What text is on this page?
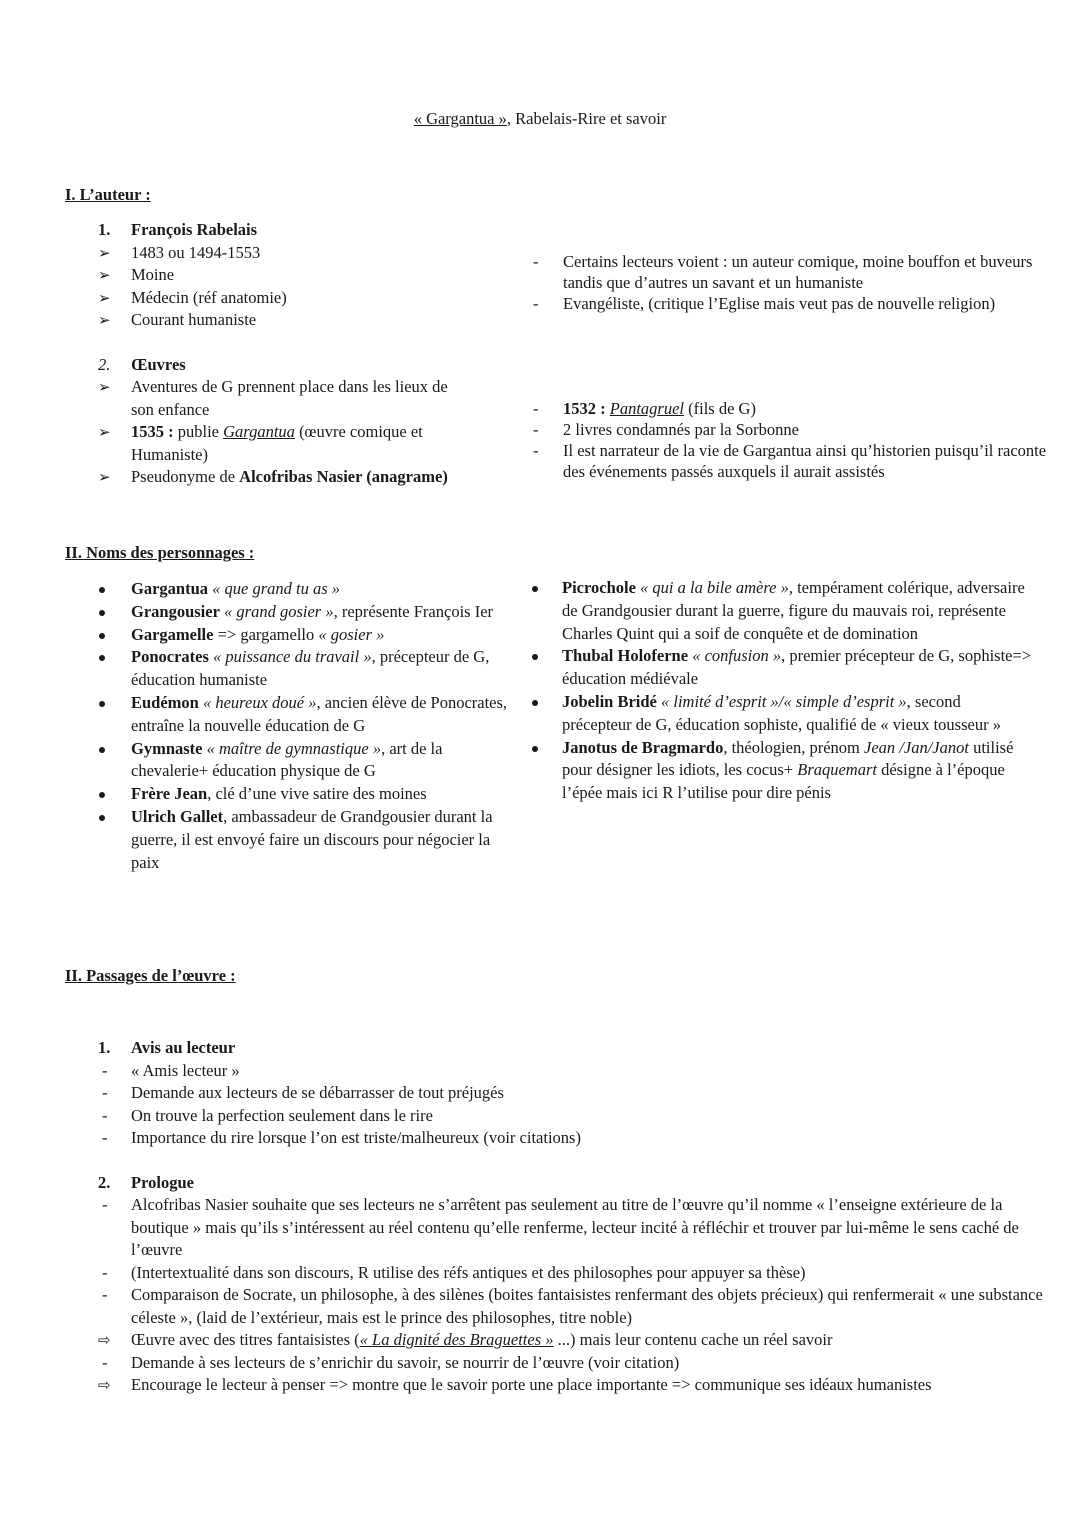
« Gargantua », Rabelais-Rire et savoir
I. L’auteur :
1. François Rabelais
➢ 1483 ou 1494-1553
➢ Moine
➢ Médecin (réf anatomie)
➢ Courant humaniste
2. Œuvres
➢ Aventures de G prennent place dans les lieux de son enfance
➢ 1535 : publie Gargantua (œuvre comique et Humaniste)
➢ Pseudonyme de Alcofribas Nasier (anagrame)
- Certains lecteurs voient : un auteur comique, moine bouffon et buveurs tandis que d’autres un savant et un humaniste
- Evangéliste, (critique l’Eglise mais veut pas de nouvelle religion)
- 1532 : Pantagruel (fils de G)
- 2 livres condamnés par la Sorbonne
- Il est narrateur de la vie de Gargantua ainsi qu’historien puisqu’il raconte des événements passés auxquels il aurait assistés
II. Noms des personnages :
Gargantua « que grand tu as »
Grangousier « grand gosier », représente François Ier
Gargamelle => gargamello « gosier »
Ponocrates « puissance du travail », précepteur de G, éducation humaniste
Eudémon « heureux doué », ancien élève de Ponocrates, entraîne la nouvelle éducation de G
Gymnaste « maître de gymnastique », art de la chevalerie+ éducation physique de G
Frère Jean, clé d’une vive satire des moines
Ulrich Gallet, ambassadeur de Grandgousier durant la guerre, il est envoyé faire un discours pour négocier la paix
Picrochole « qui a la bile amère », tempérament colérique, adversaire de Grandgousier durant la guerre, figure du mauvais roi, représente Charles Quint qui a soif de conquête et de domination
Thubal Holoferne « confusion », premier précepteur de G, sophiste=> éducation médiévale
Jobelin Bridé « limité d’esprit »/« simple d’esprit », second précepteur de G, éducation sophiste, qualifié de « vieux tousseur »
Janotus de Bragmardo, théologien, prénom Jean /Jan/Janot utilisé pour désigner les idiots, les cocus+ Braquemart désigne à l’époque l’épée mais ici R l’utilise pour dire pénis
II. Passages de l’œuvre :
1. Avis au lecteur
- « Amis lecteur »
- Demande aux lecteurs de se débarrasser de tout préjugés
- On trouve la perfection seulement dans le rire
- Importance du rire lorsque l’on est triste/malheureux (voir citations)
2. Prologue
- Alcofribas Nasier souhaite que ses lecteurs ne s’arrêtent pas seulement au titre de l’œuvre qu’il nomme « l’enseigne extérieure de la boutique » mais qu’ils s’intéressent au réel contenu qu’elle renferme, lecteur incité à réfléchir et trouver par lui-même le sens caché de l’œuvre
- (Intertextualité dans son discours, R utilise des réfs antiques et des philosophes pour appuyer sa thèse)
- Comparaison de Socrate, un philosophe, à des silènes (boites fantaisistes renfermant des objets précieux) qui renfermerait « une substance céleste », (laid de l’extérieur, mais est le prince des philosophes, titre noble)
⇨ Œuvre avec des titres fantaisistes (« La dignité des Braguettes » ...) mais leur contenu cache un réel savoir
- Demande à ses lecteurs de s’enrichir du savoir, se nourrir de l’œuvre (voir citation)
⇨ Encourage le lecteur à penser => montre que le savoir porte une place importante => communique ses idéaux humanistes
